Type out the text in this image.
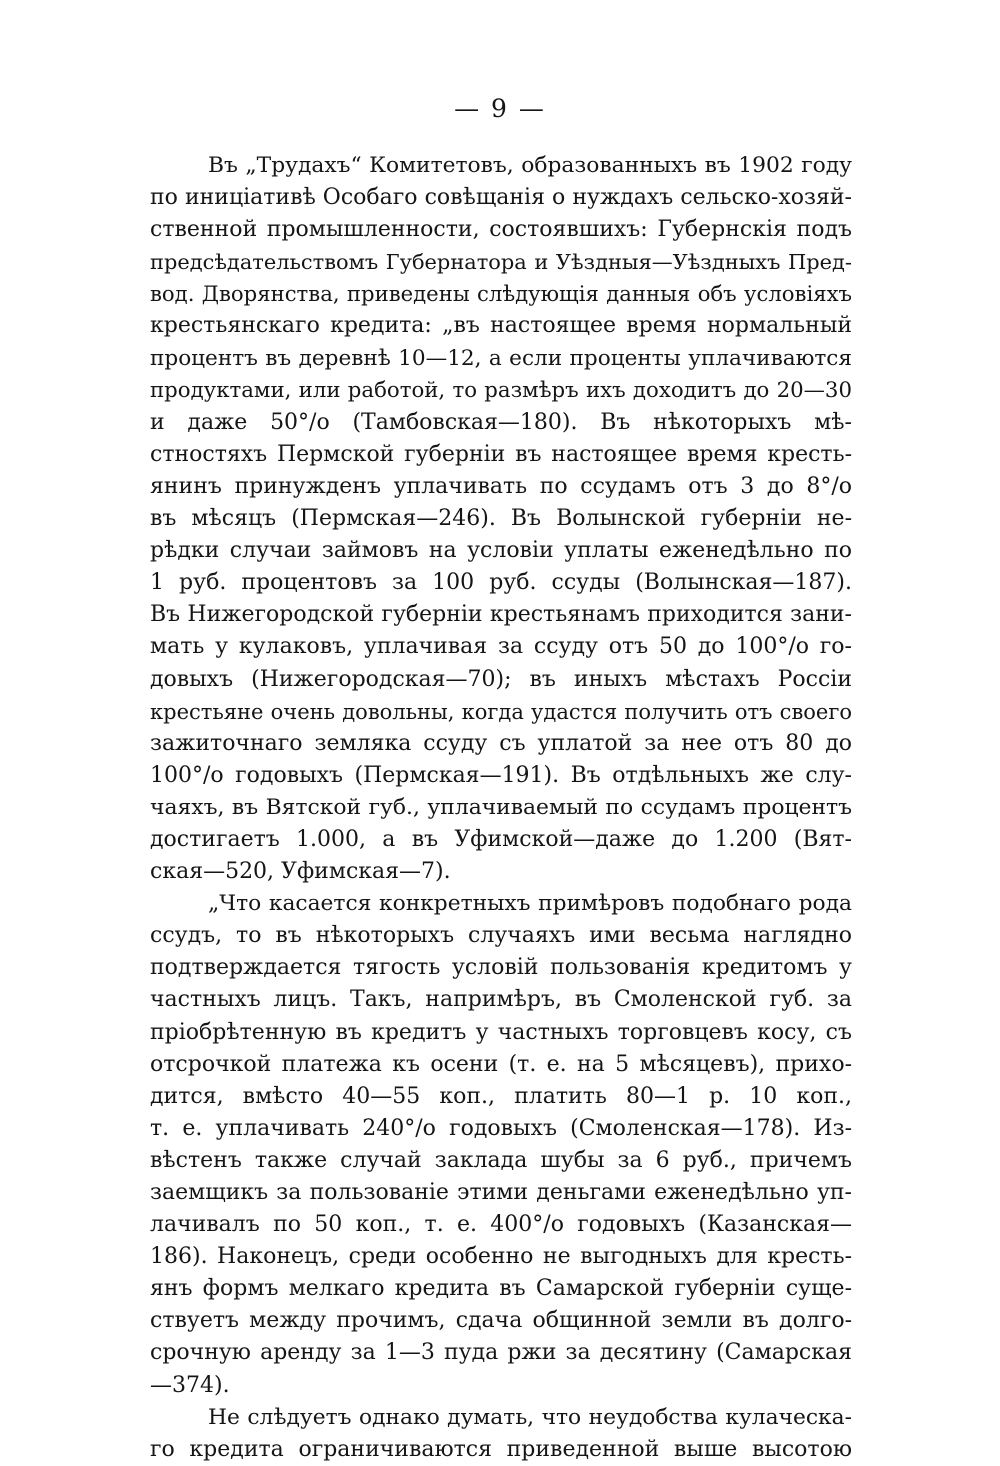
— 9 —
Въ „Трудахъ“ Комитетовъ, образованныхъ въ 1902 году
по иниціативѣ Особаго совѣщанія о нуждахъ сельско-хозяй-
ственной промышленности, состоявшихъ: Губернскія подъ
предсѣдательствомъ Губернатора и Уѣздныя—Уѣздныхъ Пред-
вод. Дворянства, приведены слѣдующія данныя объ условіяхъ
крестьянскаго кредита: „въ настоящее время нормальный
процентъ въ деревнѣ 10—12, а если проценты уплачиваются
продуктами, или работой, то размѣръ ихъ доходитъ до 20—30
и даже 50°/о (Тамбовская—180). Въ нѣкоторыхъ мѣ-
стностяхъ Пермской губерніи въ настоящее время кресть-
янинъ принужденъ уплачивать по ссудамъ отъ 3 до 8°/о
въ мѣсяцъ (Пермская—246). Въ Волынской губерніи не-
рѣдки случаи займовъ на условіи уплаты еженедѣльно по
1 руб. процентовъ за 100 руб. ссуды (Волынская—187).
Въ Нижегородской губерніи крестьянамъ приходится зани-
мать у кулаковъ, уплачивая за ссуду отъ 50 до 100°/о го-
довыхъ (Нижегородская—70); въ иныхъ мѣстахъ Россіи
крестьяне очень довольны, когда удастся получить отъ своего
зажиточнаго земляка ссуду съ уплатой за нее отъ 80 до
100°/о годовыхъ (Пермская—191). Въ отдѣльныхъ же слу-
чаяхъ, въ Вятской губ., уплачиваемый по ссудамъ процентъ
достигаетъ 1.000, а въ Уфимской—даже до 1.200 (Вят-
ская—520, Уфимская—7).
„Что касается конкретныхъ примѣровъ подобнаго рода
ссудъ, то въ нѣкоторыхъ случаяхъ ими весьма наглядно
подтверждается тягость условій пользованія кредитомъ у
частныхъ лицъ. Такъ, напримѣръ, въ Смоленской губ. за
пріобрѣтенную въ кредитъ у частныхъ торговцевъ косу, съ
отсрочкой платежа къ осени (т. е. на 5 мѣсяцевъ), прихо-
дится, вмѣсто 40—55 коп., платить 80—1 р. 10 коп.,
т. е. уплачивать 240°/о годовыхъ (Смоленская—178). Из-
вѣстенъ также случай заклада шубы за 6 руб., причемъ
заемщикъ за пользованіе этими деньгами еженедѣльно уп-
лачивалъ по 50 коп., т. е. 400°/о годовыхъ (Казанская—
186). Наконецъ, среди особенно не выгодныхъ для кресть-
янъ формъ мелкаго кредита въ Самарской губерніи суще-
ствуетъ между прочимъ, сдача общинной земли въ долго-
срочную аренду за 1—3 пуда ржи за десятину (Самарская
—374).
Не слѣдуетъ однако думать, что неудобства кулаческа-
го кредита ограничиваются приведенной выше высотою
